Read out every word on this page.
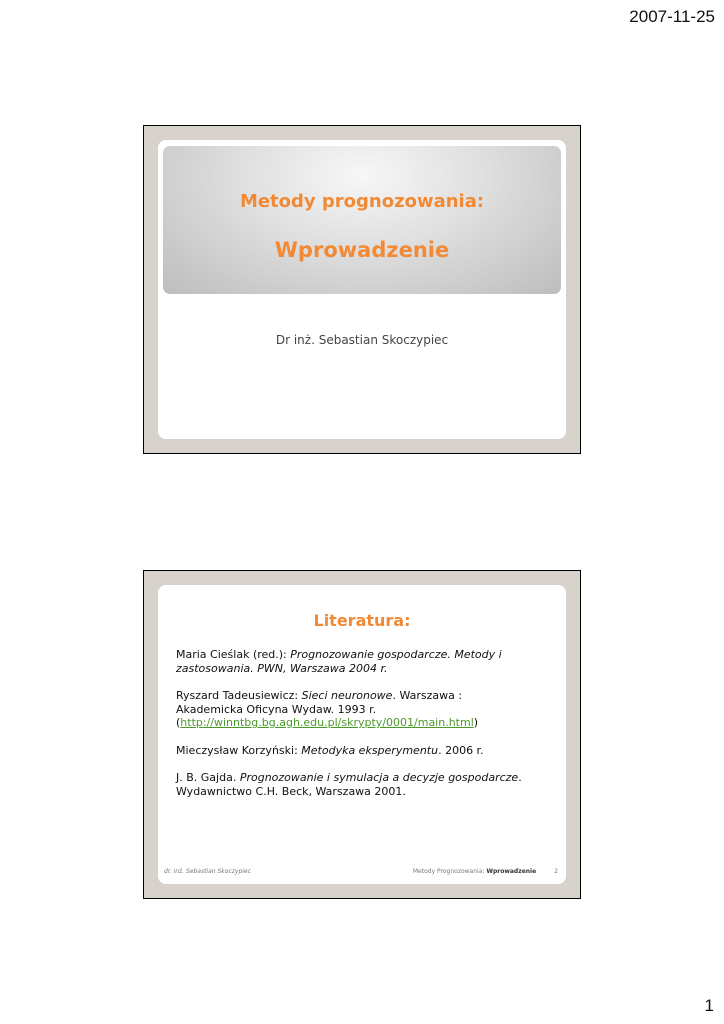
2007-11-25
Metody prognozowania:
Wprowadzenie
Dr inż. Sebastian Skoczypiec
Literatura:

Maria Cieślak (red.): Prognozowanie gospodarcze. Metody i zastosowania. PWN, Warszawa 2004 r.

Ryszard Tadeusiewicz: Sieci neuronowe. Warszawa : Akademicka Oficyna Wydaw. 1993 r.
(http://winntbg.bg.agh.edu.pl/skrypty/0001/main.html)

Mieczysław Korzyński: Metodyka eksperymentu. 2006 r.

J. B. Gajda. Prognozowanie i symulacja a decyzje gospodarcze. Wydawnictwo C.H. Beck, Warszawa 2001.

dr. inż. Sebastian Skoczypiec	Metody Prognozowania: Wprowadzenie	2
1
